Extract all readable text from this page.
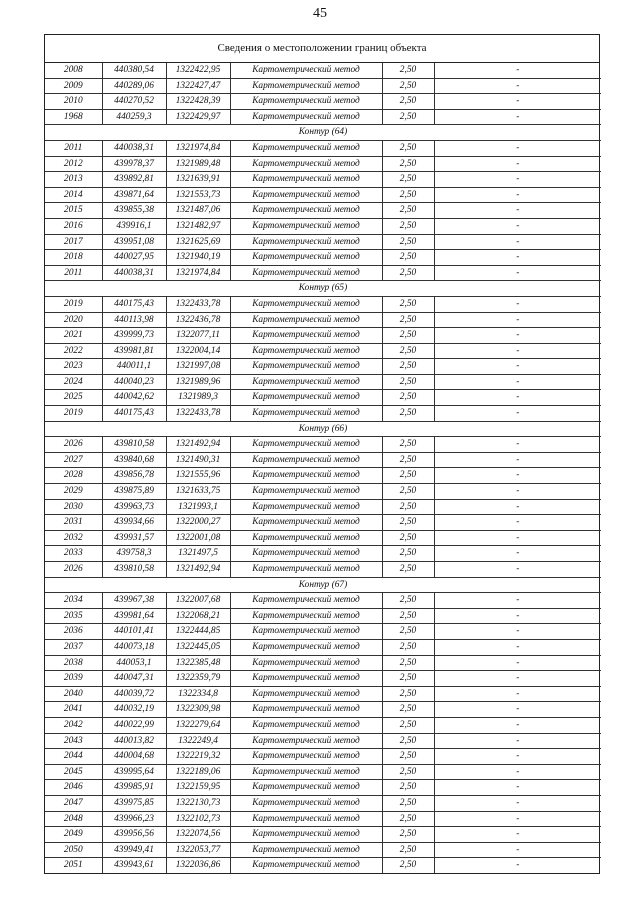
45
Сведения о местоположении границ объекта
2008	440380,54	1322422,95	Картометрический метод	2,50	-
2009	440289,06	1322427,47	Картометрический метод	2,50	-
2010	440270,52	1322428,39	Картометрический метод	2,50	-
1968	440259,3	1322429,97	Картометрический метод	2,50	-
Контур (64)					
2011	440038,31	1321974,84	Картометрический метод	2,50	-
2012	439978,37	1321989,48	Картометрический метод	2,50	-
2013	439892,81	1321639,91	Картометрический метод	2,50	-
2014	439871,64	1321553,73	Картометрический метод	2,50	-
2015	439855,38	1321487,06	Картометрический метод	2,50	-
2016	439916,1	1321482,97	Картометрический метод	2,50	-
2017	439951,08	1321625,69	Картометрический метод	2,50	-
2018	440027,95	1321940,19	Картометрический метод	2,50	-
2011	440038,31	1321974,84	Картометрический метод	2,50	-
Контур (65)					
2019	440175,43	1322433,78	Картометрический метод	2,50	-
2020	440113,98	1322436,78	Картометрический метод	2,50	-
2021	439999,73	1322077,11	Картометрический метод	2,50	-
2022	439981,81	1322004,14	Картометрический метод	2,50	-
2023	440011,1	1321997,08	Картометрический метод	2,50	-
2024	440040,23	1321989,96	Картометрический метод	2,50	-
2025	440042,62	1321989,3	Картометрический метод	2,50	-
2019	440175,43	1322433,78	Картометрический метод	2,50	-
Контур (66)					
2026	439810,58	1321492,94	Картометрический метод	2,50	-
2027	439840,68	1321490,31	Картометрический метод	2,50	-
2028	439856,78	1321555,96	Картометрический метод	2,50	-
2029	439875,89	1321633,75	Картометрический метод	2,50	-
2030	439963,73	1321993,1	Картометрический метод	2,50	-
2031	439934,66	1322000,27	Картометрический метод	2,50	-
2032	439931,57	1322001,08	Картометрический метод	2,50	-
2033	439758,3	1321497,5	Картометрический метод	2,50	-
2026	439810,58	1321492,94	Картометрический метод	2,50	-
Контур (67)					
2034	439967,38	1322007,68	Картометрический метод	2,50	-
2035	439981,64	1322068,21	Картометрический метод	2,50	-
2036	440101,41	1322444,85	Картометрический метод	2,50	-
2037	440073,18	1322445,05	Картометрический метод	2,50	-
2038	440053,1	1322385,48	Картометрический метод	2,50	-
2039	440047,31	1322359,79	Картометрический метод	2,50	-
2040	440039,72	1322334,8	Картометрический метод	2,50	-
2041	440032,19	1322309,98	Картометрический метод	2,50	-
2042	440022,99	1322279,64	Картометрический метод	2,50	-
2043	440013,82	1322249,4	Картометрический метод	2,50	-
2044	440004,68	1322219,32	Картометрический метод	2,50	-
2045	439995,64	1322189,06	Картометрический метод	2,50	-
2046	439985,91	1322159,95	Картометрический метод	2,50	-
2047	439975,85	1322130,73	Картометрический метод	2,50	-
2048	439966,23	1322102,73	Картометрический метод	2,50	-
2049	439956,56	1322074,56	Картометрический метод	2,50	-
2050	439949,41	1322053,77	Картометрический метод	2,50	-
2051	439943,61	1322036,86	Картометрический метод	2,50	-
